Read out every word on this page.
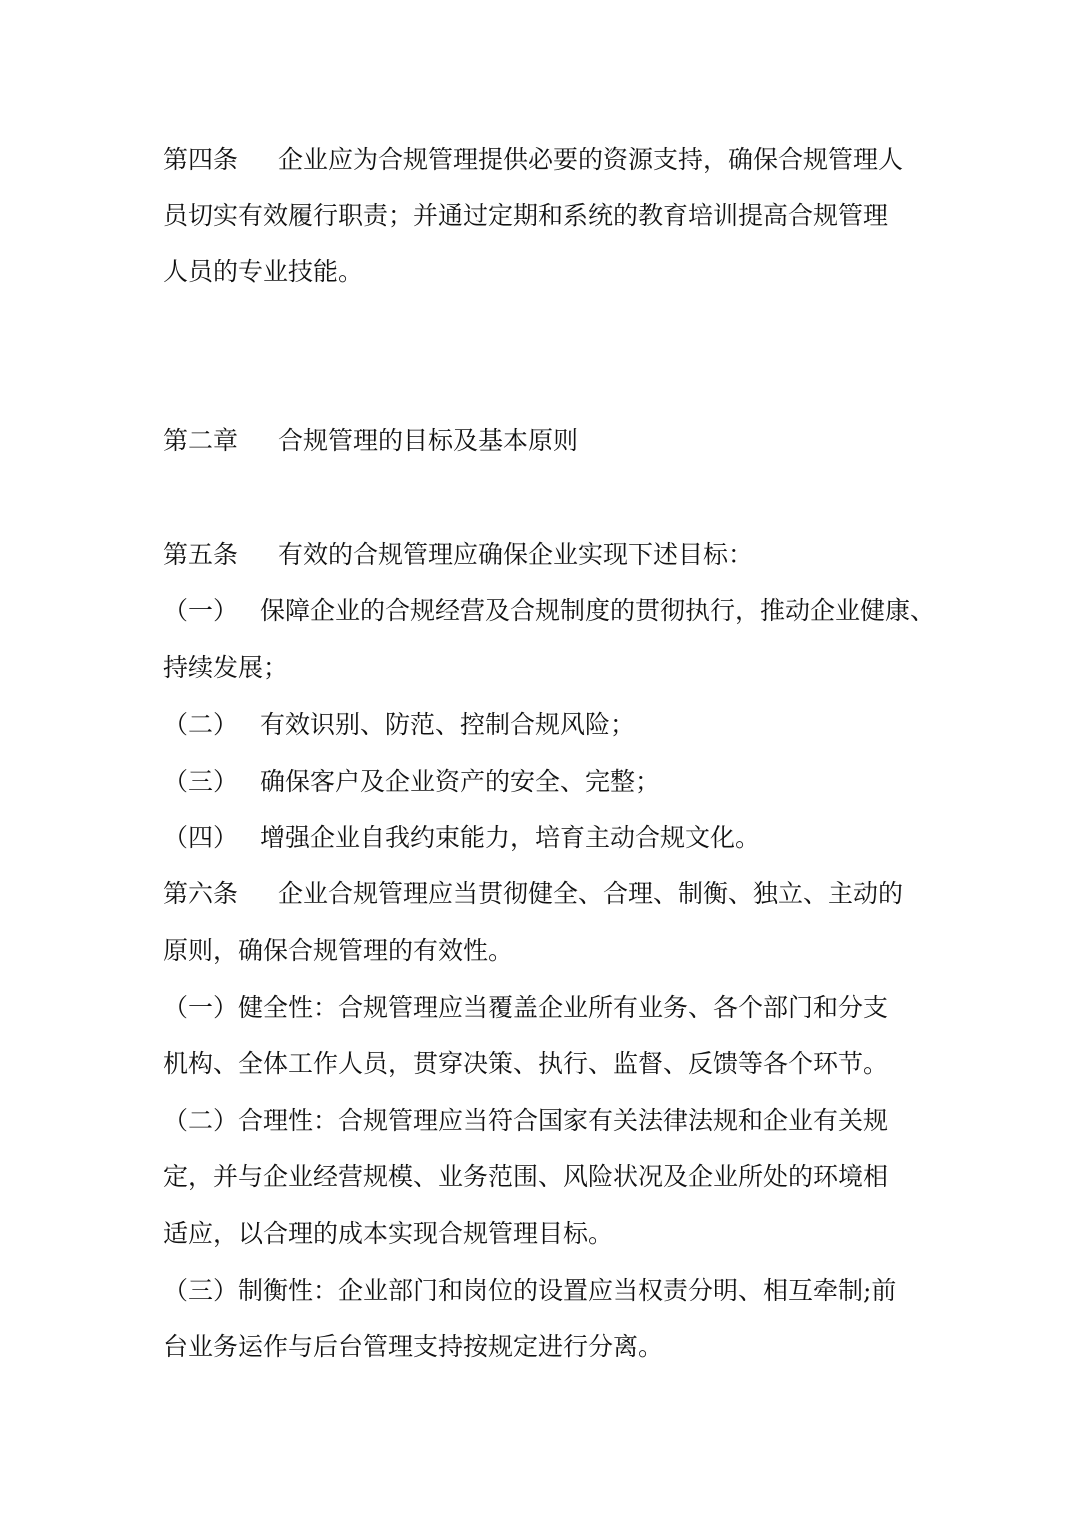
第四条 企业应为合规管理提供必要的资源支持，确保合规管理人
员切实有效履行职责；并通过定期和系统的教育培训提高合规管理
人员的专业技能。
第二章 合规管理的目标及基本原则
第五条 有效的合规管理应确保企业实现下述目标：
（一） 保障企业的合规经营及合规制度的贯彻执行，推动企业健康、
持续发展；
（二） 有效识别、防范、控制合规风险；
（三） 确保客户及企业资产的安全、完整；
（四） 增强企业自我约束能力，培育主动合规文化。
第六条 企业合规管理应当贯彻健全、合理、制衡、独立、主动的
原则，确保合规管理的有效性。
（一）健全性：合规管理应当覆盖企业所有业务、各个部门和分支
机构、全体工作人员，贯穿决策、执行、监督、反馈等各个环节。
（二）合理性：合规管理应当符合国家有关法律法规和企业有关规
定，并与企业经营规模、业务范围、风险状况及企业所处的环境相
适应，以合理的成本实现合规管理目标。
（三）制衡性：企业部门和岗位的设置应当权责分明、相互牵制;前
台业务运作与后台管理支持按规定进行分离。
